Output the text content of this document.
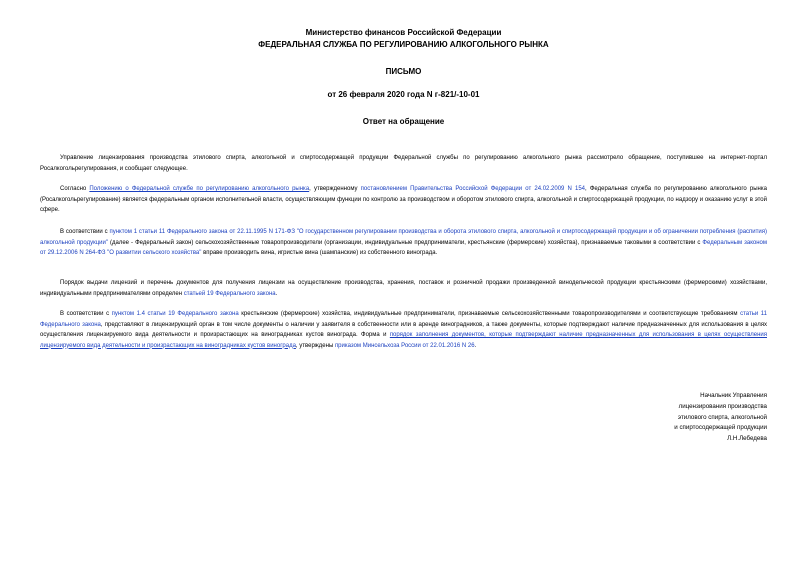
Министерство финансов Российской Федерации
ФЕДЕРАЛЬНАЯ СЛУЖБА ПО РЕГУЛИРОВАНИЮ АЛКОГОЛЬНОГО РЫНКА
ПИСЬМО
от 26 февраля 2020 года N г-821/-10-01
Ответ на обращение
Управление лицензирования производства этилового спирта, алкогольной и спиртосодержащей продукции Федеральной службы по регулированию алкогольного рынка рассмотрело обращение, поступившее на интернет-портал Росалкогольрегулирования, и сообщает следующее.
Согласно Положению о Федеральной службе по регулированию алкогольного рынка, утвержденному постановлением Правительства Российской Федерации от 24.02.2009 N 154, Федеральная служба по регулированию алкогольного рынка (Росалкогольрегулирование) является федеральным органом исполнительной власти, осуществляющим функции по контролю за производством и оборотом этилового спирта, алкогольной и спиртосодержащей продукции, по надзору и оказанию услуг в этой сфере.
В соответствии с пунктом 1 статьи 11 Федерального закона от 22.11.1995 N 171-ФЗ "О государственном регулировании производства и оборота этилового спирта, алкогольной и спиртосодержащей продукции и об ограничении потребления (распития) алкогольной продукции" (далее - Федеральный закон) сельскохозяйственные товаропроизводители (организации, индивидуальные предприниматели, крестьянские (фермерские) хозяйства), признаваемые таковыми в соответствии с Федеральным законом от 29.12.2006 N 264-ФЗ "О развитии сельского хозяйства" вправе производить вина, игристые вина (шампанские) из собственного винограда.
Порядок выдачи лицензий и перечень документов для получения лицензии на осуществление производства, хранения, поставок и розничной продажи произведенной винодельческой продукции крестьянскими (фермерскими) хозяйствами, индивидуальными предпринимателями определен статьей 19 Федерального закона.
В соответствии с пунктом 1.4 статьи 19 Федерального закона крестьянские (фермерские) хозяйства, индивидуальные предприниматели, признаваемые сельскохозяйственными товаропроизводителями и соответствующие требованиям статьи 11 Федерального закона, представляют в лицензирующий орган в том числе документы о наличии у заявителя в собственности или в аренде виноградников, а также документы, которые подтверждают наличие предназначенных для использования в целях осуществления лицензируемого вида деятельности и произрастающих на виноградниках кустов винограда. Форма и порядок заполнения документов, которые подтверждают наличие предназначенных для использования в целях осуществления лицензируемого вида деятельности и произрастающих на виноградниках кустов винограда, утверждены приказом Минсельхоза России от 22.01.2016 N 26.
Начальник Управления
лицензирования производства
этилового спирта, алкогольной
и спиртосодержащей продукции
Л.Н.Лебедева
